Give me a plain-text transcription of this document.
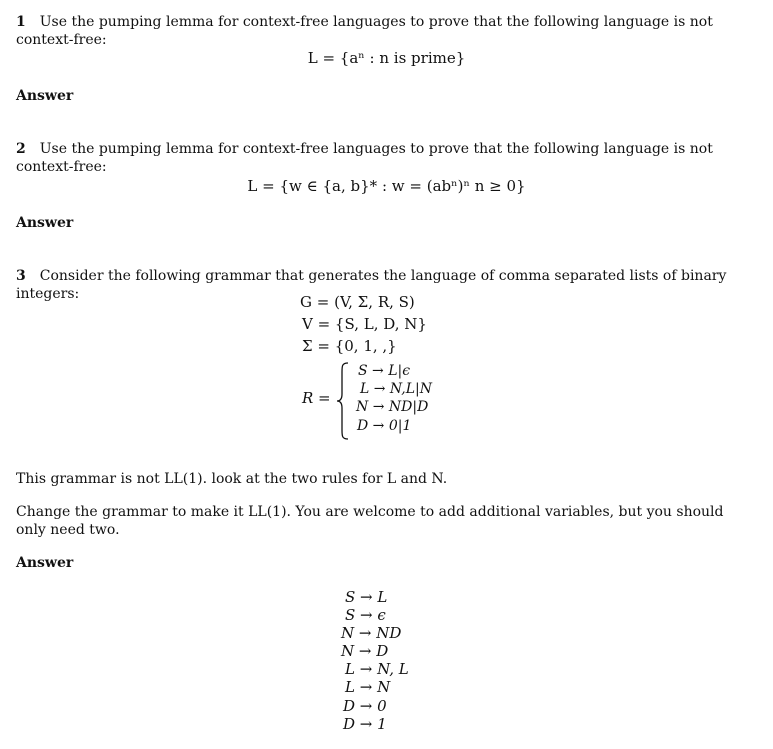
1 Use the pumping lemma for context-free languages to prove that the following language is not context-free:
L = {aⁿ : n is prime}
Answer
2 Use the pumping lemma for context-free languages to prove that the following language is not context-free:
L = {w ∈ {a, b}* : w = (abⁿ)ⁿ n ≥ 0}
Answer
3 Consider the following grammar that generates the language of comma separated lists of binary integers:	G = (V, Σ, R, S)
V = {S, L, D, N}
Σ = {0, 1, ,}
R =
S → L|ϵ
L → N,L|N
N → ND|D
D → 0|1
This grammar is not LL(1). look at the two rules for L and N.
Change the grammar to make it LL(1). You are welcome to add additional variables, but you should only need two.
Answer
S → L
S → ϵ
N → ND
N → D
L → N, L
L → N
D → 0
D → 1
